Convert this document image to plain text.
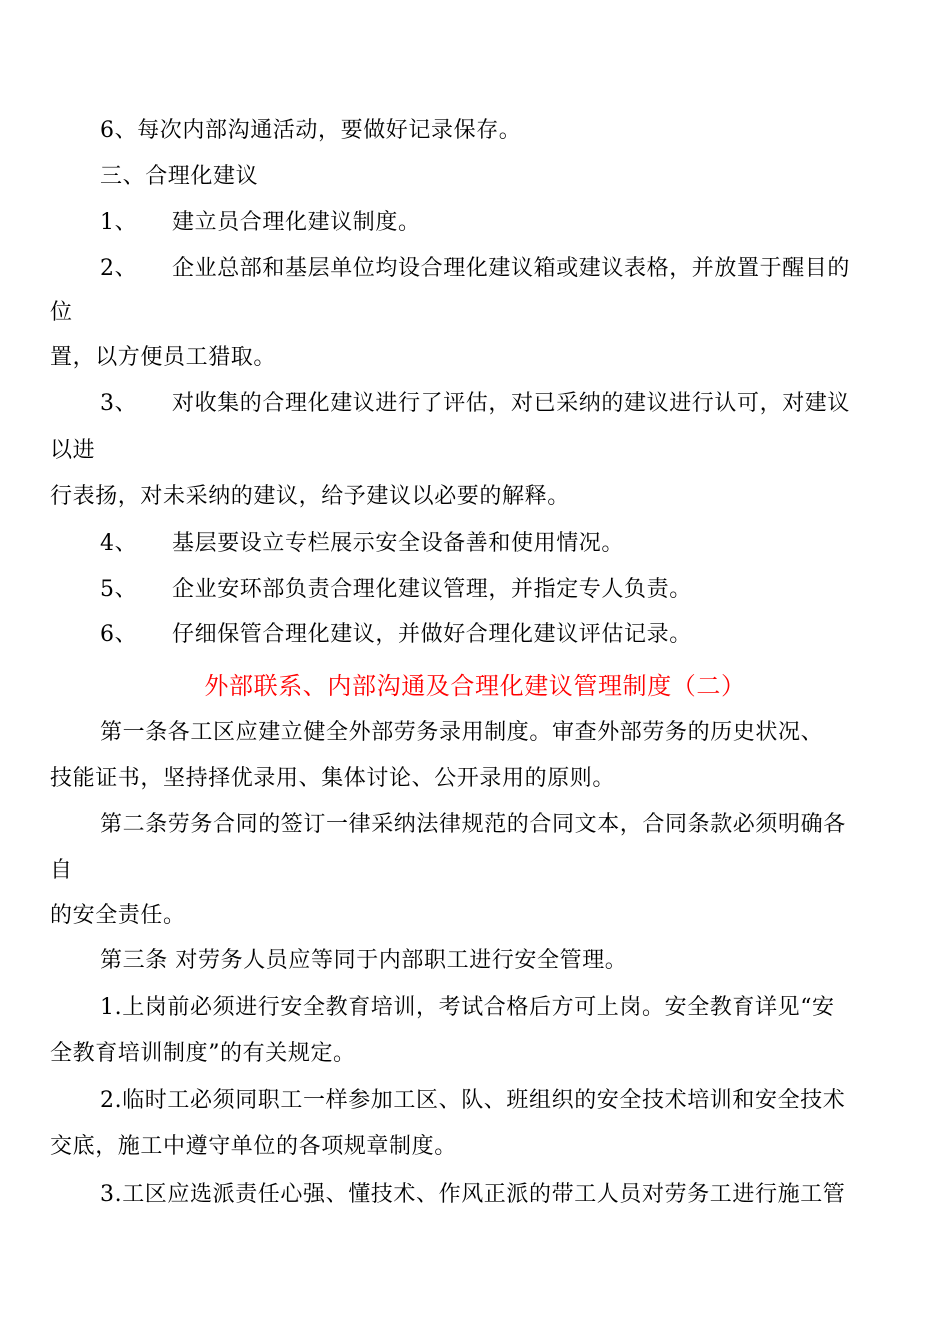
6、每次内部沟通活动，要做好记录保存。
三、合理化建议
1、 建立员合理化建议制度。
2、 企业总部和基层单位均设合理化建议箱或建议表格，并放置于醒目的
位
置，以方便员工猎取。
3、 对收集的合理化建议进行了评估，对已采纳的建议进行认可，对建议
以进
行表扬，对未采纳的建议，给予建议以必要的解释。
4、 基层要设立专栏展示安全设备善和使用情况。
5、 企业安环部负责合理化建议管理，并指定专人负责。
6、 仔细保管合理化建议，并做好合理化建议评估记录。
外部联系、内部沟通及合理化建议管理制度（二）
第一条各工区应建立健全外部劳务录用制度。审查外部劳务的历史状况、
技能证书，坚持择优录用、集体讨论、公开录用的原则。
第二条劳务合同的签订一律采纳法律规范的合同文本，合同条款必须明确各
自
的安全责任。
第三条 对劳务人员应等同于内部职工进行安全管理。
1.上岗前必须进行安全教育培训，考试合格后方可上岗。安全教育详见“安
全教育培训制度”的有关规定。
2.临时工必须同职工一样参加工区、队、班组织的安全技术培训和安全技术
交底，施工中遵守单位的各项规章制度。
3.工区应选派责任心强、懂技术、作风正派的带工人员对劳务工进行施工管
